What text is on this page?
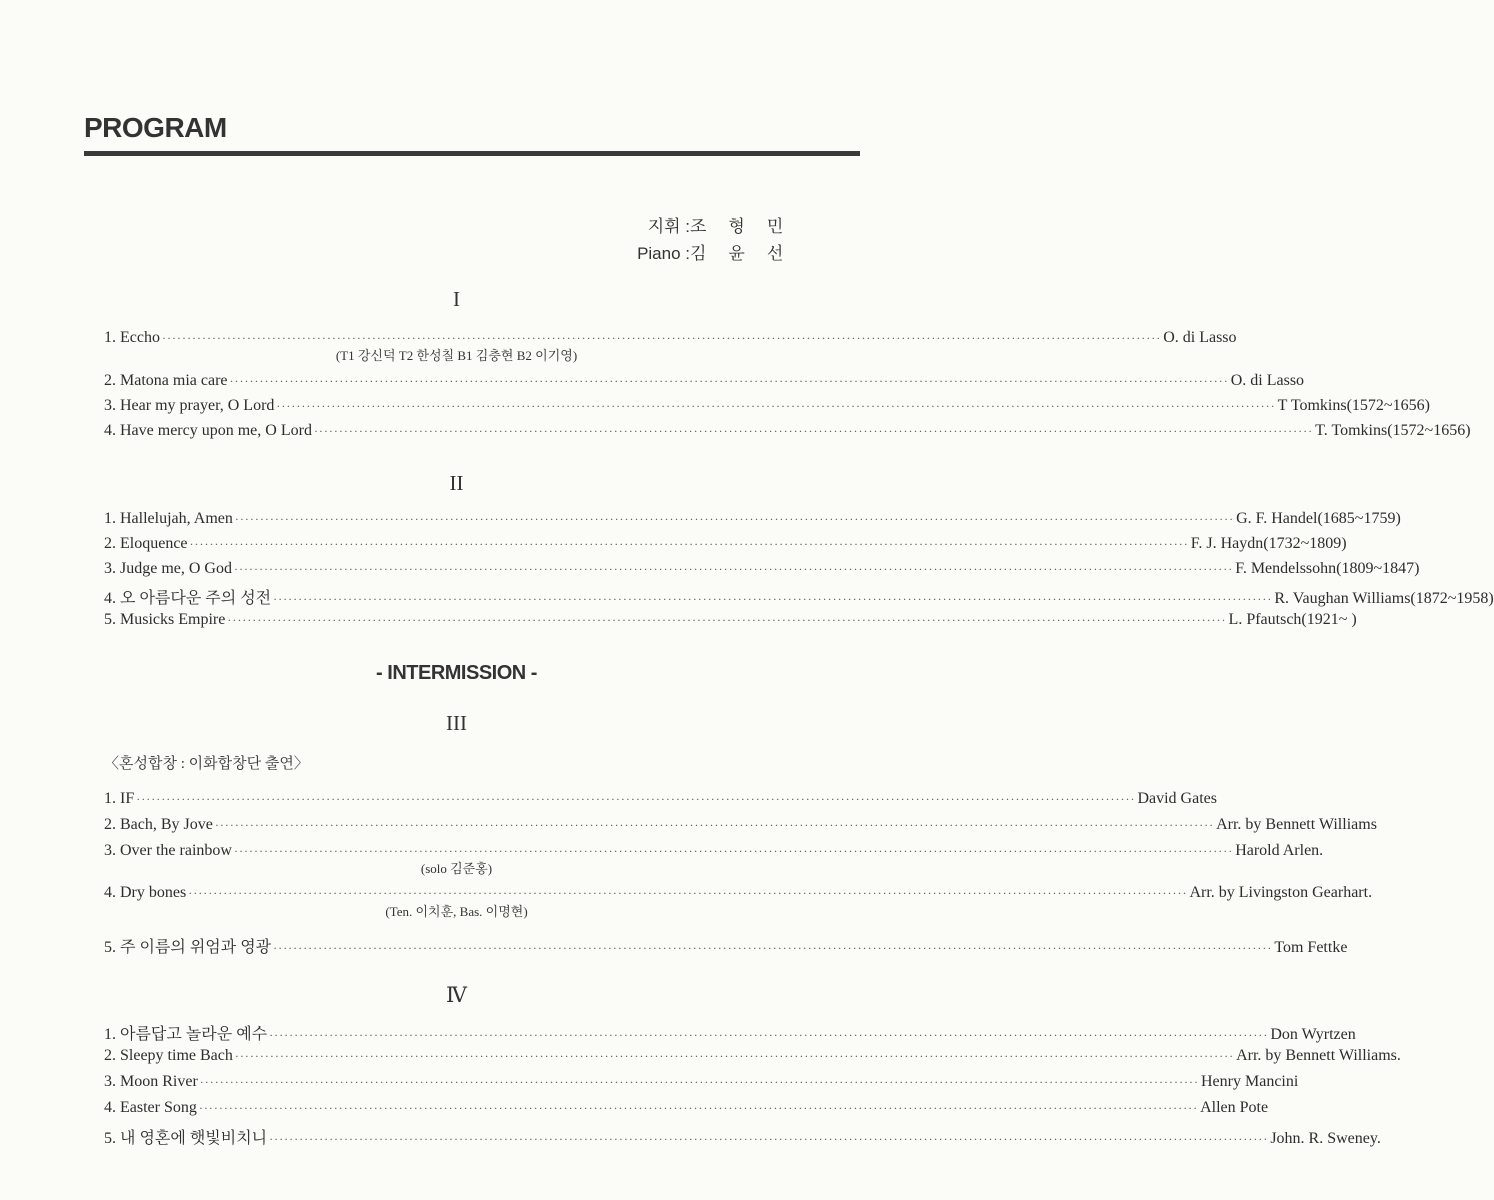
PROGRAM
지휘 : 조형민
Piano : 김윤선
I
1. Eccho ········································································································································································································ O. di Lasso
(T1 강신덕 T2 한성칠 B1 김충현 B2 이기영)
2. Matona mia care ········································································································································································································ O. di Lasso
3. Hear my prayer, O Lord ········································································································································································································ T Tomkins(1572~1656)
4. Have mercy upon me, O Lord ········································································································································································································ T. Tomkins(1572~1656)
II
1. Hallelujah, Amen ········································································································································································································ G. F. Handel(1685~1759)
2. Eloquence ········································································································································································································ F. J. Haydn(1732~1809)
3. Judge me, O God ········································································································································································································ F. Mendelssohn(1809~1847)
4. 오 아름다운 주의 성전 ········································································································································································································ R. Vaughan Williams(1872~1958)
5. Musicks Empire ········································································································································································································ L. Pfautsch(1921~ )
- INTERMISSION -
III
〈혼성합창 : 이화합창단 출연〉
1. IF ········································································································································································································ David Gates
2. Bach, By Jove ········································································································································································································ Arr. by Bennett Williams
3. Over the rainbow ········································································································································································································ Harold Arlen.
(solo 김준홍)
4. Dry bones ········································································································································································································ Arr. by Livingston Gearhart.
(Ten. 이치훈, Bas. 이명현)
5. 주 이름의 위엄과 영광 ········································································································································································································ Tom Fettke
Ⅳ
1. 아름답고 놀라운 예수 ········································································································································································································ Don Wyrtzen
2. Sleepy time Bach ········································································································································································································ Arr. by Bennett Williams.
3. Moon River ········································································································································································································ Henry Mancini
4. Easter Song ········································································································································································································ Allen Pote
5. 내 영혼에 햇빛비치니 ········································································································································································································ John. R. Sweney.
